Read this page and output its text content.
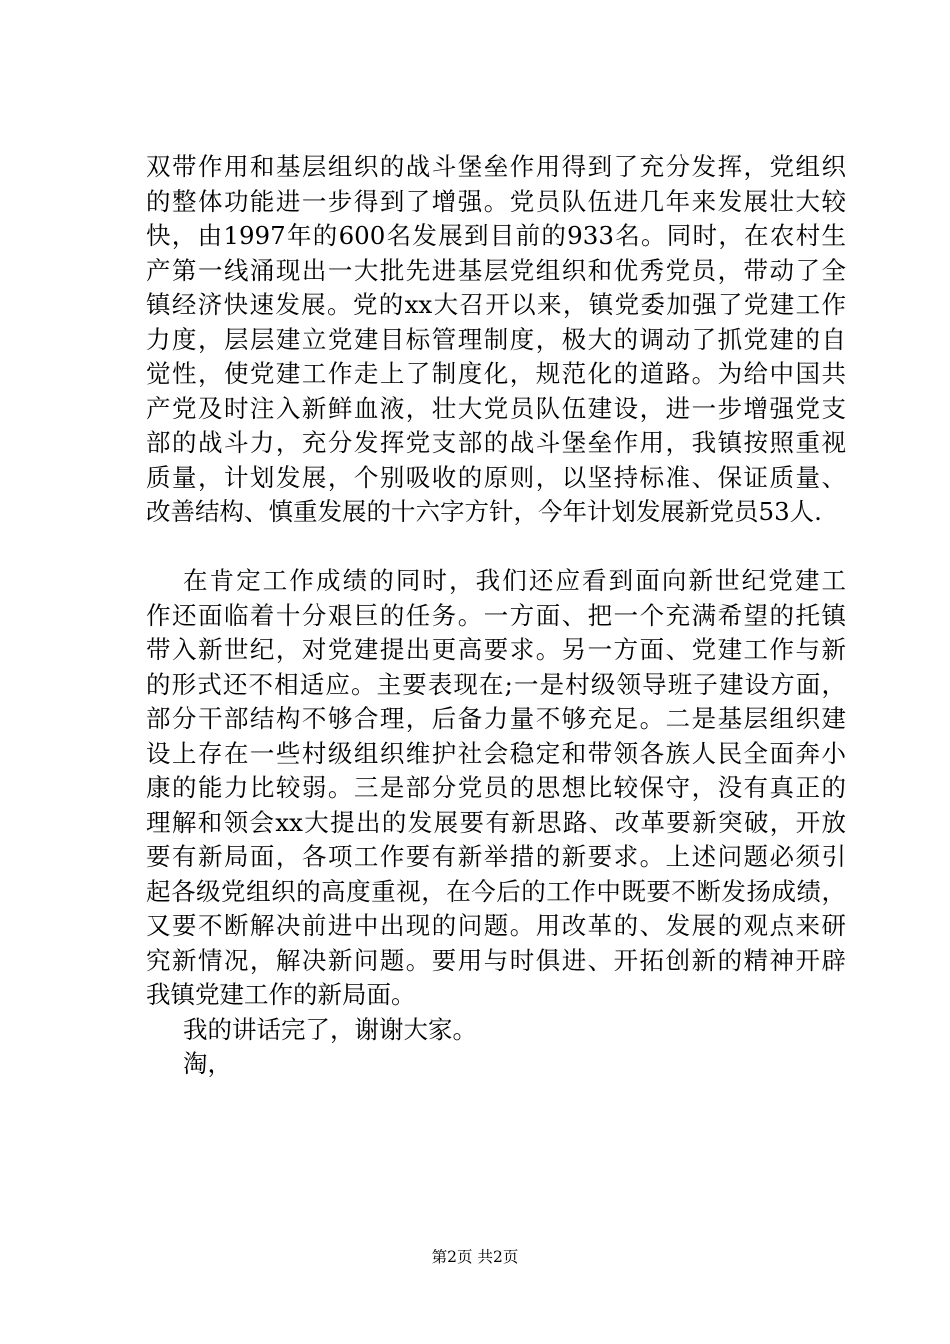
双带作用和基层组织的战斗堡垒作用得到了充分发挥，党组织
的整体功能进一步得到了增强。党员队伍进几年来发展壮大较
快，由1997年的600名发展到目前的933名。同时，在农村生
产第一线涌现出一大批先进基层党组织和优秀党员，带动了全
镇经济快速发展。党的xx大召开以来，镇党委加强了党建工作
力度，层层建立党建目标管理制度，极大的调动了抓党建的自
觉性，使党建工作走上了制度化，规范化的道路。为给中国共
产党及时注入新鲜血液，壮大党员队伍建设，进一步增强党支
部的战斗力，充分发挥党支部的战斗堡垒作用，我镇按照重视
质量，计划发展，个别吸收的原则，以坚持标准、保证质量、
改善结构、慎重发展的十六字方针，今年计划发展新党员53人.
在肯定工作成绩的同时，我们还应看到面向新世纪党建工
作还面临着十分艰巨的任务。一方面、把一个充满希望的托镇
带入新世纪，对党建提出更高要求。另一方面、党建工作与新
的形式还不相适应。主要表现在;一是村级领导班子建设方面，
部分干部结构不够合理，后备力量不够充足。二是基层组织建
设上存在一些村级组织维护社会稳定和带领各族人民全面奔小
康的能力比较弱。三是部分党员的思想比较保守，没有真正的
理解和领会xx大提出的发展要有新思路、改革要新突破，开放
要有新局面，各项工作要有新举措的新要求。上述问题必须引
起各级党组织的高度重视，在今后的工作中既要不断发扬成绩，
又要不断解决前进中出现的问题。用改革的、发展的观点来研
究新情况，解决新问题。要用与时俱进、开拓创新的精神开辟
我镇党建工作的新局面。
我的讲话完了，谢谢大家。
淘，
第2页 共2页
